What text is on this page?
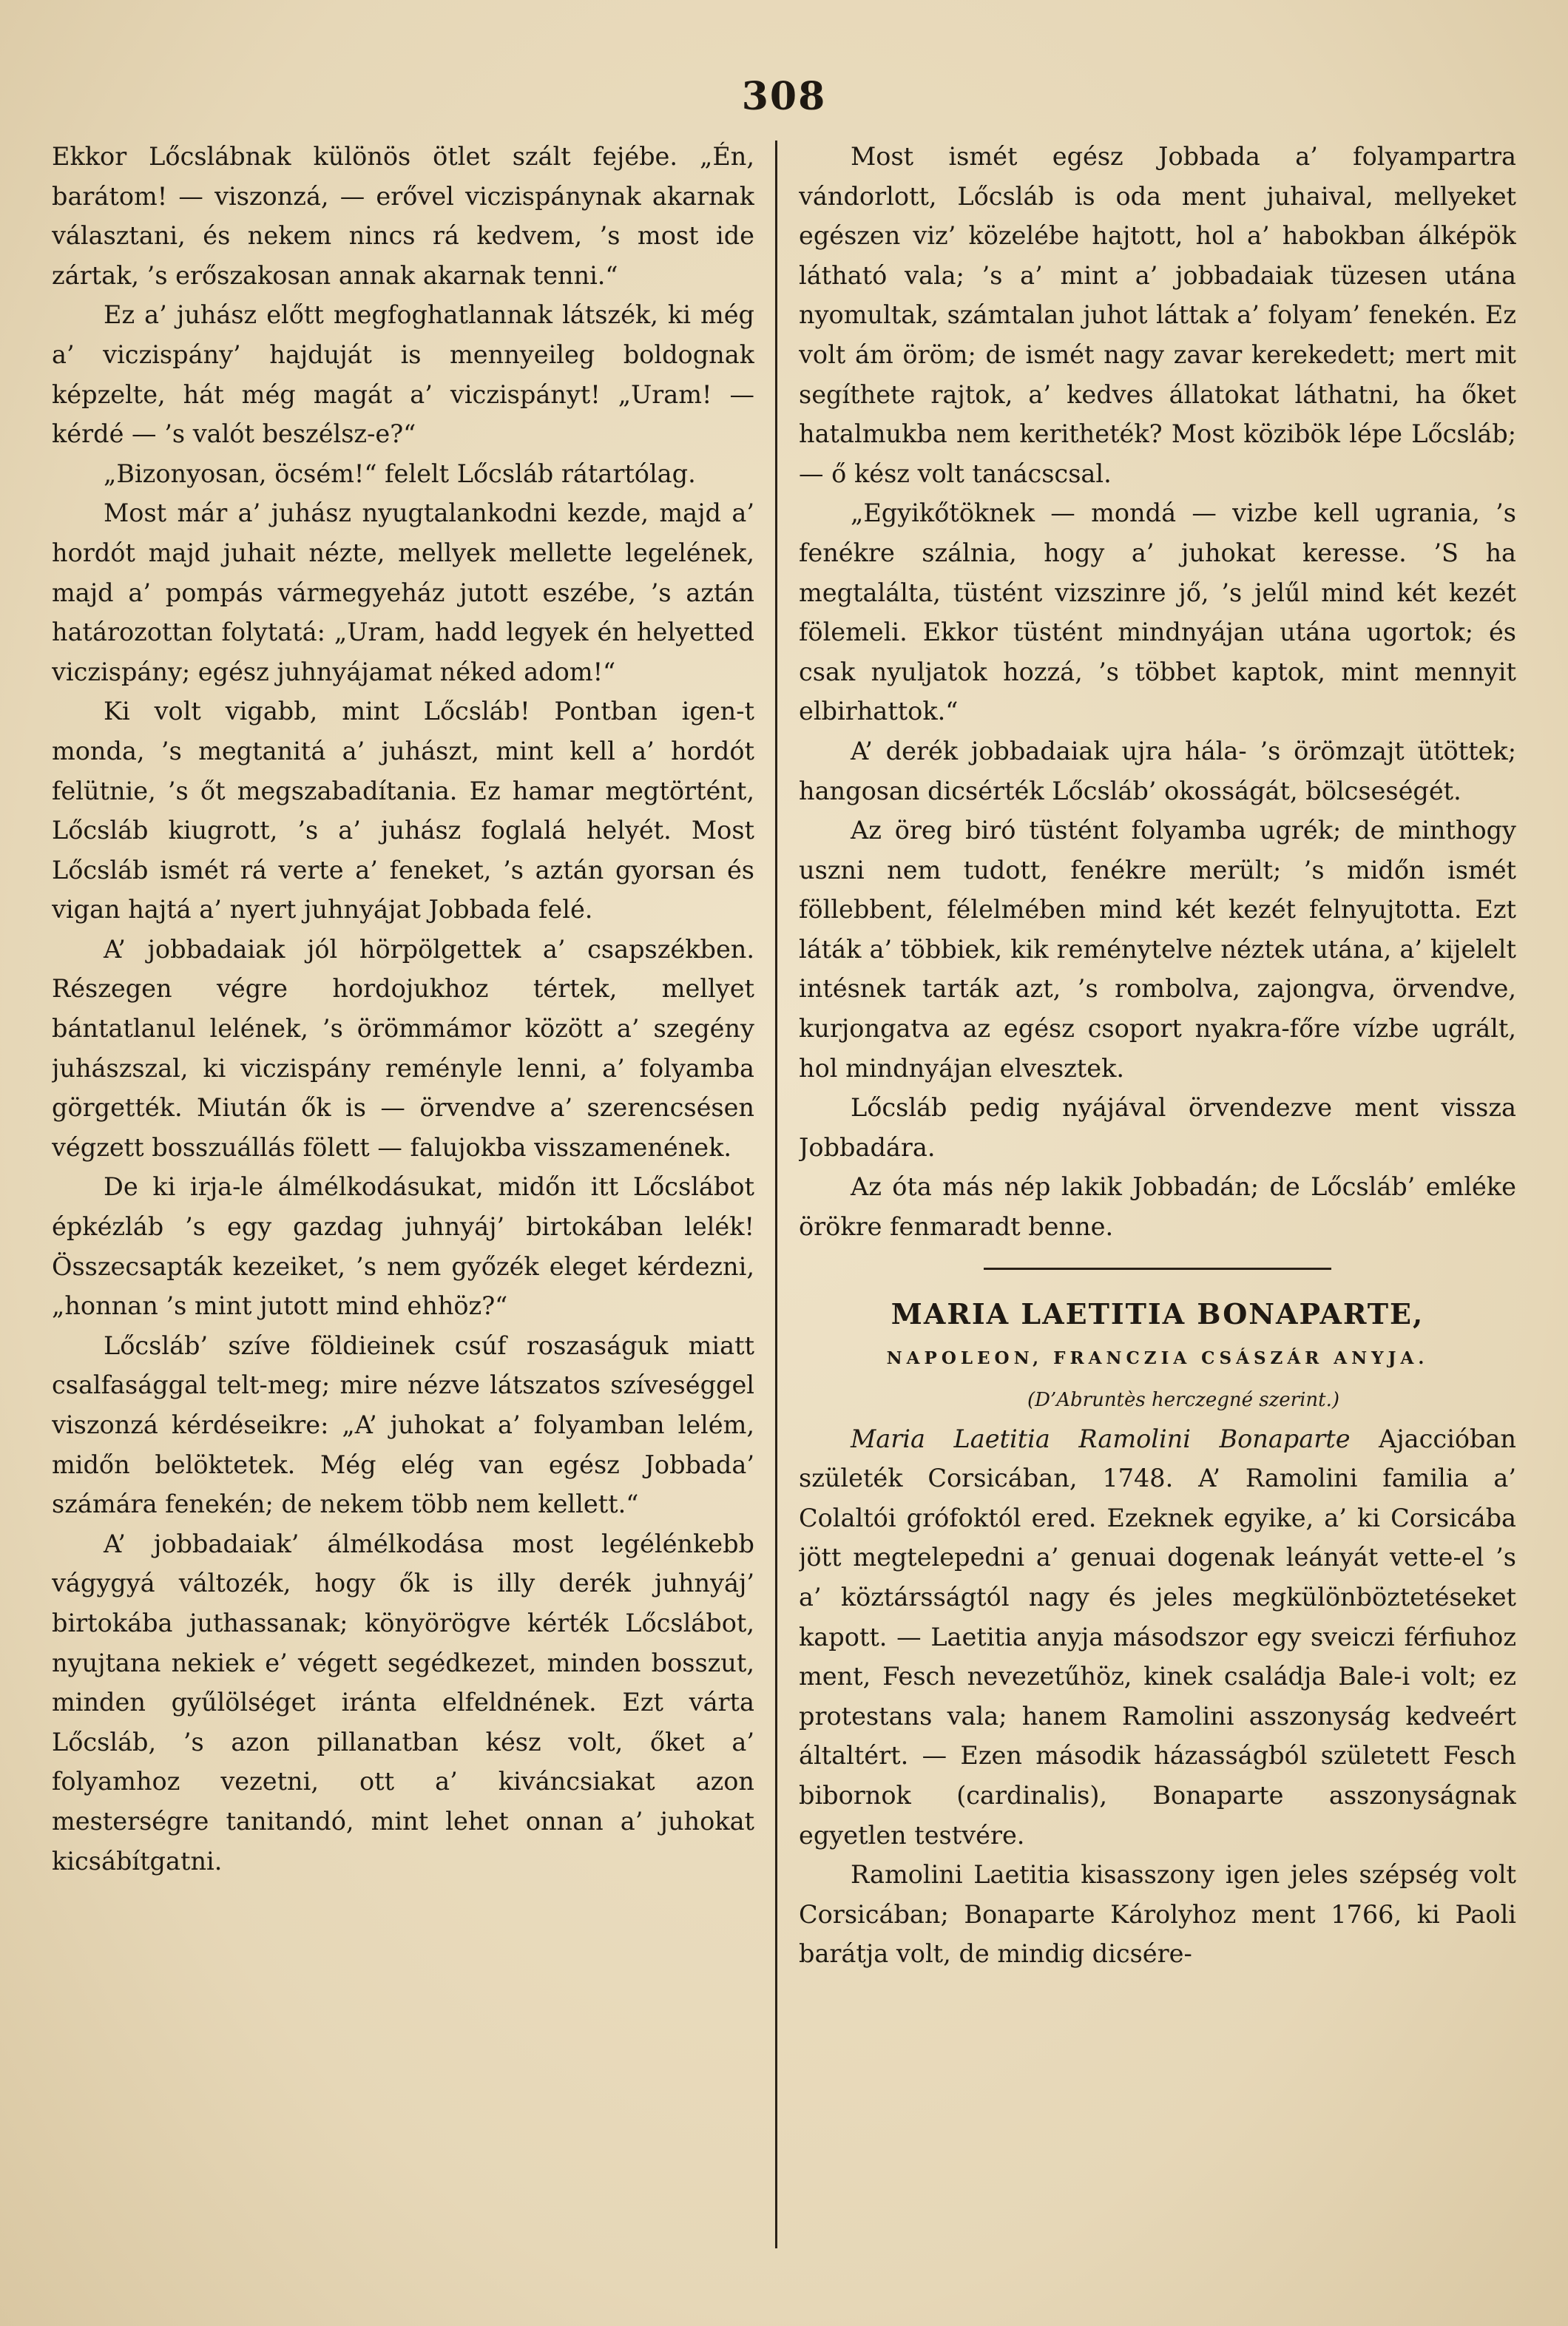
308

Ekkor Lőcslábnak különös ötlet szált fejébe. „Én, barátom! — viszonzá, — erővel viczispánynak akarnak választani, és nekem nincs rá kedvem, ’s most ide zártak, ’s erőszakosan annak akarnak tenni.“

Ez a’ juhász előtt megfoghatlannak látszék, ki még a’ viczispány’ hajduját is mennyeileg boldognak képzelte, hát még magát a’ viczispányt! „Uram! — kérdé — ’s valót beszélsz-e?“

„Bizonyosan, öcsém!“ felelt Lőcsláb rátartólag.

Most már a’ juhász nyugtalankodni kezde, majd a’ hordót majd juhait nézte, mellyek mellette legelének, majd a’ pompás vármegyeház jutott eszébe, ’s aztán határozottan folytatá: „Uram, hadd legyek én helyetted viczispány; egész juhnyájamat néked adom!“

Ki volt vigabb, mint Lőcsláb! Pontban igen-t monda, ’s megtanitá a’ juhászt, mint kell a’ hordót felütnie, ’s őt megszabadítania. Ez hamar megtörtént, Lőcsláb kiugrott, ’s a’ juhász foglalá helyét. Most Lőcsláb ismét rá verte a’ feneket, ’s aztán gyorsan és vigan hajtá a’ nyert juhnyájat Jobbada felé.

A’ jobbadaiak jól hörpölgettek a’ csapszékben. Részegen végre hordojukhoz tértek, mellyet bántatlanul lelének, ’s örömmámor között a’ szegény juhászszal, ki viczispány reménylе lenni, a’ folyamba görgették. Miután ők is — örvendve a’ szerencsésen végzett bosszuállás fölett — falujokba visszamenének.

De ki irja-le álmélkodásukat, midőn itt Lőcslábot épkézláb ’s egy gazdag juhnyáj’ birtokában lelék! Összecsapták kezeiket, ’s nem győzék eleget kérdezni, „honnan ’s mint jutott mind ehhöz?“

Lőcsláb’ szíve földieinek csúf roszaságuk miatt csalfasággal telt-meg; mire nézve látszatos szíveséggel viszonzá kérdéseikre: „A’ juhokat a’ folyamban lelém, midőn belöktetek. Még elég van egész Jobbada’ számára fenekén; de nekem több nem kellett.“

A’ jobbadaiak’ álmélkodása most legélénkebb vágygyá változék, hogy ők is illy derék juhnyáj’ birtokába juthassanak; könyörögve kérték Lőcslábot, nyujtana nekiek e’ végett segédkezet, minden bosszut, minden gyűlölséget iránta elfeldnének. Ezt várta Lőcsláb, ’s azon pillanatban kész volt, őket a’ folyamhoz vezetni, ott a’ kiváncsiakat azon mesterségre tanitandó, mint lehet onnan a’ juhokat kicsábítgatni.

Most ismét egész Jobbada a’ folyampartra vándorlott, Lőcsláb is oda ment juhaival, mellyeket egészen viz’ közelébe hajtott, hol a’ habokban álképök látható vala; ’s a’ mint a’ jobbadaiak tüzesen utána nyomultak, számtalan juhot láttak a’ folyam’ fenekén. Ez volt ám öröm; de ismét nagy zavar kerekedett; mert mit segíthete rajtok, a’ kedves állatokat láthatni, ha őket hatalmukba nem keritheték? Most közibök lépe Lőcsláb; — ő kész volt tanácscsal.

„Egyikőtöknek — mondá — vizbe kell ugrania, ’s fenékre szálnia, hogy a’ juhokat keresse. ’S ha megtalálta, tüstént vizszinre jő, ’s jelűl mind két kezét fölemeli. Ekkor tüstént mindnyájan utána ugortok; és csak nyuljatok hozzá, ’s többet kaptok, mint mennyit elbirhattok.“

A’ derék jobbadaiak ujra hála- ’s örömzajt ütöttek; hangosan dicsérték Lőcsláb’ okosságát, bölcseségét.

Az öreg biró tüstént folyamba ugrék; de minthogy uszni nem tudott, fenékre merült; ’s midőn ismét föllebbent, félelmében mind két kezét felnyujtotta. Ezt láták a’ többiek, kik reménytelve néztek utána, a’ kijelelt intésnek tarták azt, ’s rombolva, zajongva, örvendve, kurjongatva az egész csoport nyakra-főre vízbe ugrált, hol mindnyájan elvesztek.

Lőcsláb pedig nyájával örvendezve ment vissza Jobbadára.

Az óta más nép lakik Jobbadán; de Lőcsláb’ emléke örökre fenmaradt benne.

MARIA LAETITIA BONAPARTE,
NAPOLEON, FRANCZIA CSÁSZÁR ANYJA.

(D’Abruntès herczegné szerint.)

Maria Laetitia Ramolini Bonaparte Ajaccióban születék Corsicában, 1748. A’ Ramolini familia a’ Colaltói grófoktól ered. Ezeknek egyike, a’ ki Corsicába jött megtelepedni a’ genuai dogenak leányát vette-el ’s a’ köztársságtól nagy és jeles megkülönböztetéseket kapott. — Laetitia anyja másodszor egy sveiczi férfiuhoz ment, Fesch nevezetűhöz, kinek családja Bale-i volt; ez protestans vala; hanem Ramolini asszonyság kedveért általtért. — Ezen második házasságból született Fesch bibornok (cardinalis), Bonaparte asszonyságnak egyetlen testvére.

Ramolini Laetitia kisasszony igen jeles szépség volt Corsicában; Bonaparte Károlyhoz ment 1766, ki Paoli barátja volt, de mindig dicsére-
